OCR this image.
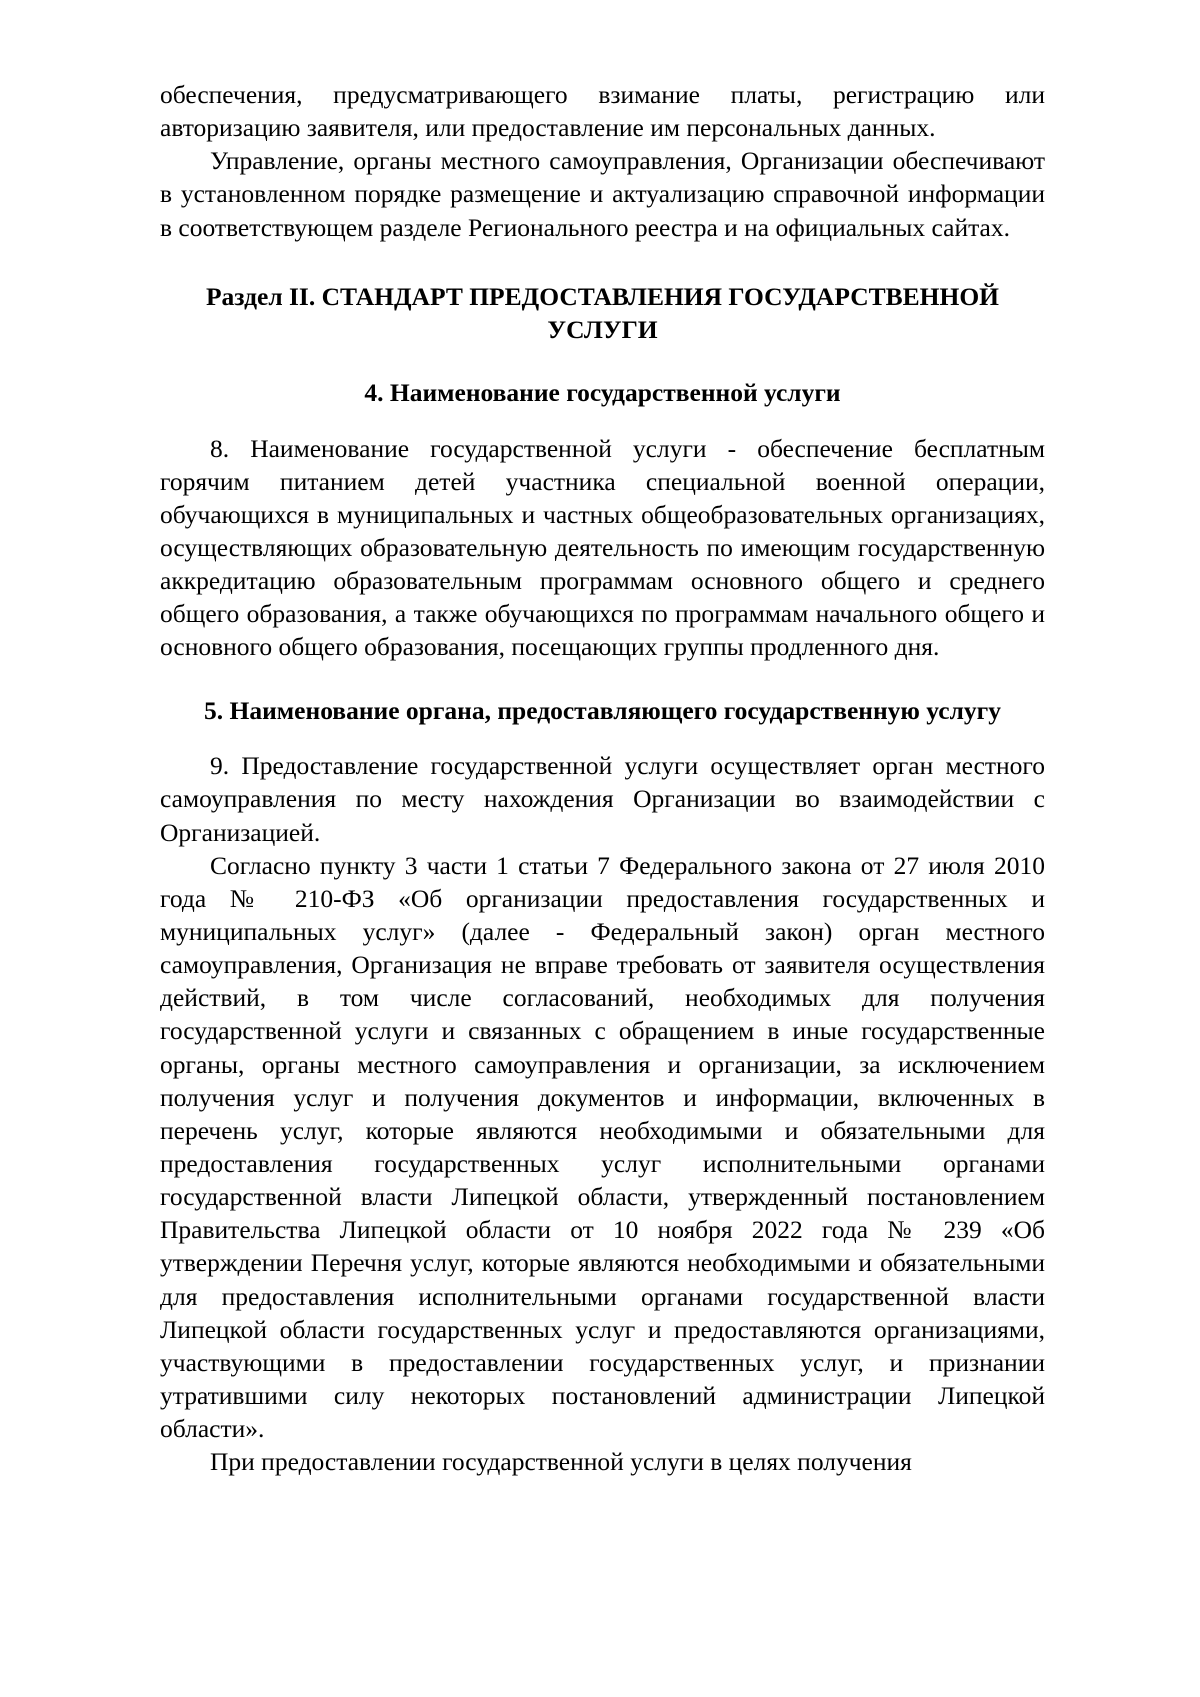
обеспечения, предусматривающего взимание платы, регистрацию или авторизацию заявителя, или предоставление им персональных данных.

Управление, органы местного самоуправления, Организации обеспечивают в установленном порядке размещение и актуализацию справочной информации в соответствующем разделе Регионального реестра и на официальных сайтах.

Раздел II. СТАНДАРТ ПРЕДОСТАВЛЕНИЯ ГОСУДАРСТВЕННОЙ УСЛУГИ
4. Наименование государственной услуги

8. Наименование государственной услуги - обеспечение бесплатным горячим питанием детей участника специальной военной операции, обучающихся в муниципальных и частных общеобразовательных организациях, осуществляющих образовательную деятельность по имеющим государственную аккредитацию образовательным программам основного общего и среднего общего образования, а также обучающихся по программам начального общего и основного общего образования, посещающих группы продленного дня.

5. Наименование органа, предоставляющего государственную услугу

9. Предоставление государственной услуги осуществляет орган местного самоуправления по месту нахождения Организации во взаимодействии с Организацией.

Согласно пункту 3 части 1 статьи 7 Федерального закона от 27 июля 2010 года № 210-ФЗ «Об организации предоставления государственных и муниципальных услуг» (далее - Федеральный закон) орган местного самоуправления, Организация не вправе требовать от заявителя осуществления действий, в том числе согласований, необходимых для получения государственной услуги и связанных с обращением в иные государственные органы, органы местного самоуправления и организации, за исключением получения услуг и получения документов и информации, включенных в перечень услуг, которые являются необходимыми и обязательными для предоставления государственных услуг исполнительными органами государственной власти Липецкой области, утвержденный постановлением Правительства Липецкой области от 10 ноября 2022 года № 239 «Об утверждении Перечня услуг, которые являются необходимыми и обязательными для предоставления исполнительными органами государственной власти Липецкой области государственных услуг и предоставляются организациями, участвующими в предоставлении государственных услуг, и признании утратившими силу некоторых постановлений администрации Липецкой области».

При предоставлении государственной услуги в целях получения
